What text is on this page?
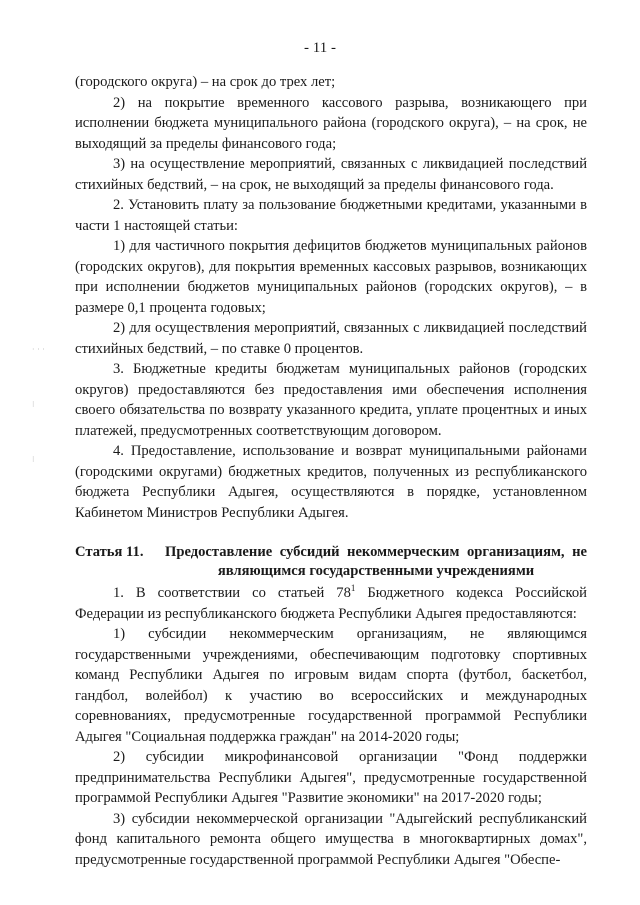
- 11 -

(городского округа) – на срок до трех лет;

2) на покрытие временного кассового разрыва, возникающего при исполнении бюджета муниципального района (городского округа), – на срок, не выходящий за пределы финансового года;

3) на осуществление мероприятий, связанных с ликвидацией последствий стихийных бедствий, – на срок, не выходящий за пределы финансового года.

2. Установить плату за пользование бюджетными кредитами, указанными в части 1 настоящей статьи:

1) для частичного покрытия дефицитов бюджетов муниципальных районов (городских округов), для покрытия временных кассовых разрывов, возникающих при исполнении бюджетов муниципальных районов (городских округов), – в размере 0,1 процента годовых;

2) для осуществления мероприятий, связанных с ликвидацией последствий стихийных бедствий, – по ставке 0 процентов.

3. Бюджетные кредиты бюджетам муниципальных районов (городских округов) предоставляются без предоставления ими обеспечения исполнения своего обязательства по возврату указанного кредита, уплате процентных и иных платежей, предусмотренных соответствующим договором.

4. Предоставление, использование и возврат муниципальными районами (городскими округами) бюджетных кредитов, полученных из республиканского бюджета Республики Адыгея, осуществляются в порядке, установленном Кабинетом Министров Республики Адыгея.

Статья 11.	Предоставление субсидий некоммерческим организациям, не являющимся государственными учреждениями

1. В соответствии со статьей $78^1$ Бюджетного кодекса Российской Федерации из республиканского бюджета Республики Адыгея предоставляются:

1) субсидии некоммерческим организациям, не являющимся государственными учреждениями, обеспечивающим подготовку спортивных команд Республики Адыгея по игровым видам спорта (футбол, баскетбол, гандбол, волейбол) к участию во всероссийских и международных соревнованиях, предусмотренные государственной программой Республики Адыгея "Социальная поддержка граждан" на 2014-2020 годы;

2) субсидии микрофинансовой организации "Фонд поддержки предпринимательства Республики Адыгея", предусмотренные государственной программой Республики Адыгея "Развитие экономики" на 2017-2020 годы;

3) субсидии некоммерческой организации "Адыгейский республиканский фонд капитального ремонта общего имущества в многоквартирных домах", предусмотренные государственной программой Республики Адыгея "Обеспе-

· · ·
⁝
⁝
